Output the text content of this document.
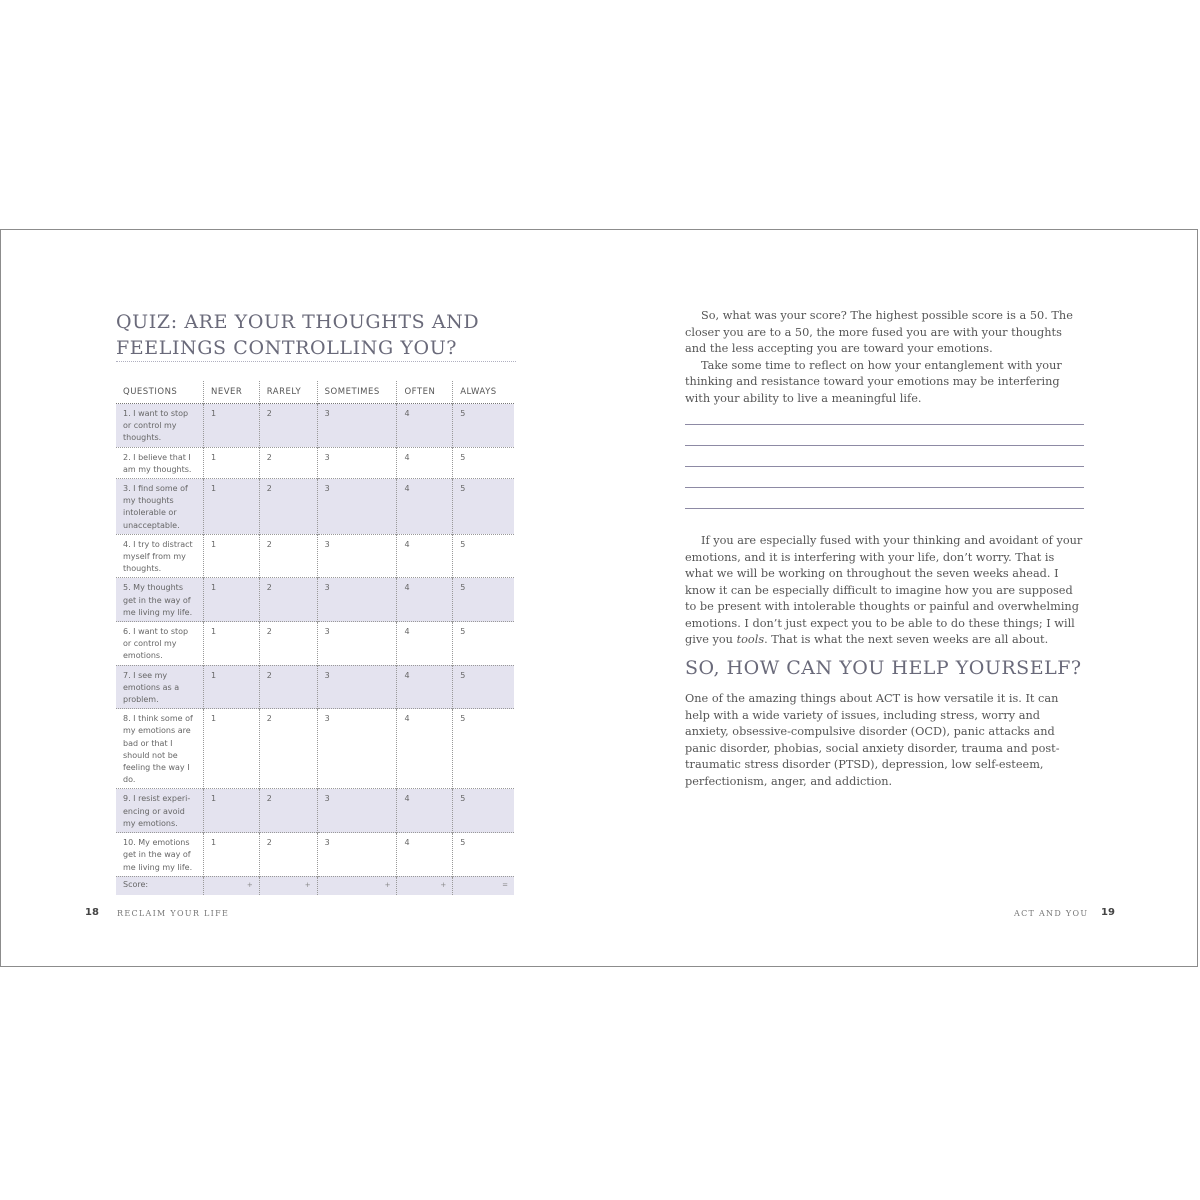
QUIZ: ARE YOUR THOUGHTS AND FEELINGS CONTROLLING YOU?
QUESTIONS	NEVER	RARELY	SOMETIMES	OFTEN	ALWAYS

1. I want to stop or control my thoughts.	1	2	3	4	5

2. I believe that I am my thoughts.	1	2	3	4	5

3. I find some of my thoughts intolerable or unacceptable.	1	2	3	4	5

4. I try to distract myself from my thoughts.	1	2	3	4	5

5. My thoughts get in the way of me living my life.	1	2	3	4	5

6. I want to stop or control my emotions.	1	2	3	4	5

7. I see my emotions as a problem.	1	2	3	4	5

8. I think some of my emotions are bad or that I should not be feeling the way I do.	1	2	3	4	5

9. I resist experi-encing or avoid my emotions.	1	2	3	4	5

10. My emotions get in the way of me living my life.	1	2	3	4	5
Score:	+	+	+	+	=
18 RECLAIM YOUR LIFE

So, what was your score? The highest possible score is a 50. The closer you are to a 50, the more fused you are with your thoughts and the less accepting you are toward your emotions.

Take some time to reflect on how your entanglement with your thinking and resistance toward your emotions may be interfering with your ability to live a meaningful life.

If you are especially fused with your thinking and avoidant of your emotions, and it is interfering with your life, don’t worry. That is what we will be working on throughout the seven weeks ahead. I know it can be especially difficult to imagine how you are supposed to be present with intolerable thoughts or painful and overwhelming emotions. I don’t just expect you to be able to do these things; I will give you tools. That is what the next seven weeks are all about.

SO, HOW CAN YOU HELP YOURSELF?

One of the amazing things about ACT is how versatile it is. It can help with a wide variety of issues, including stress, worry and anxiety, obsessive-compulsive disorder (OCD), panic attacks and panic disorder, phobias, social anxiety disorder, trauma and post-traumatic stress disorder (PTSD), depression, low self-esteem, perfectionism, anger, and addiction.

ACT AND YOU 19
